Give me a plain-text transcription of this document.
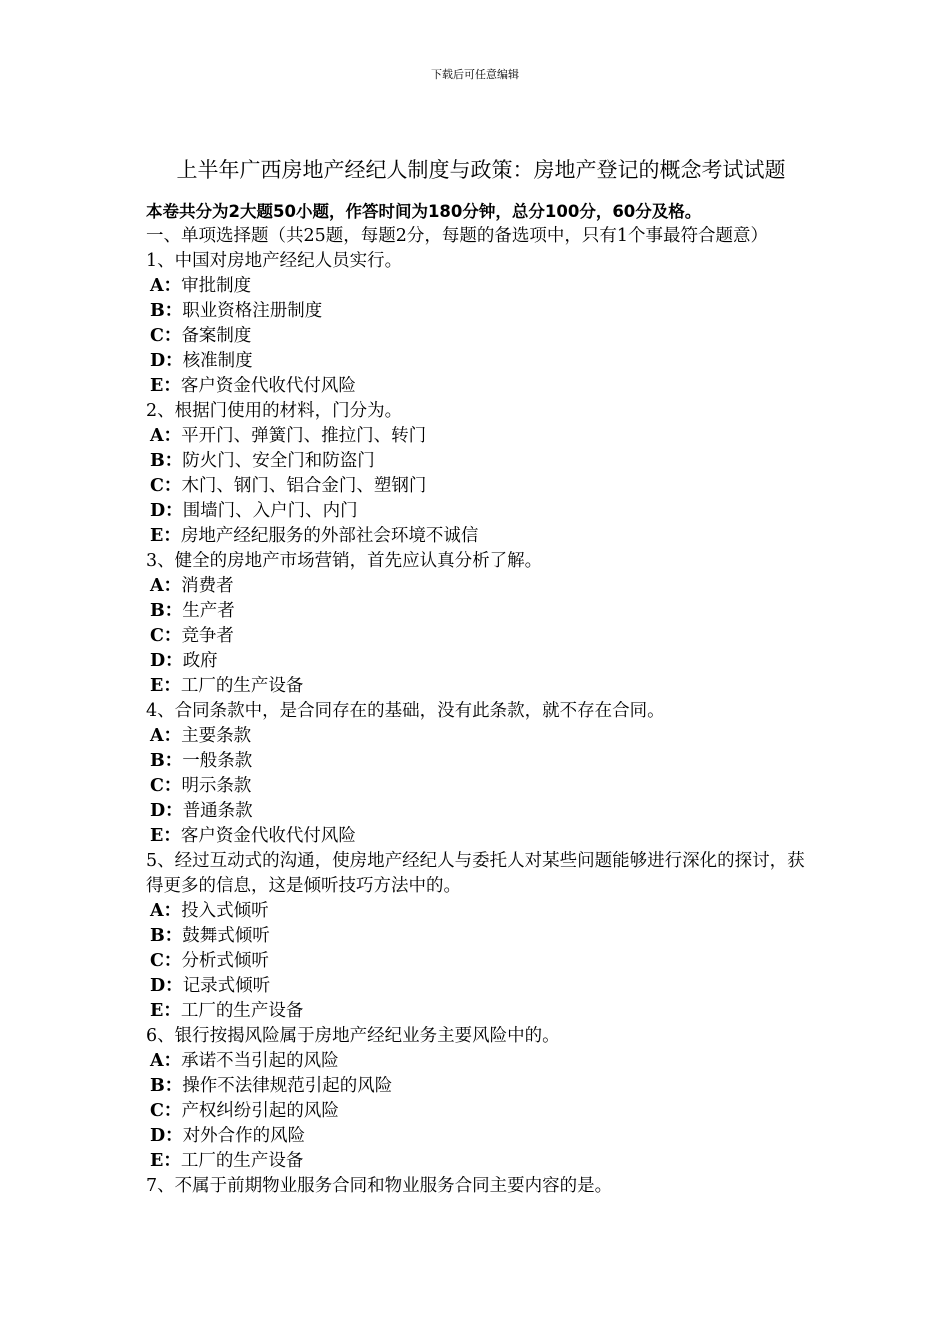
下载后可任意编辑
上半年广西房地产经纪人制度与政策：房地产登记的概念考试试题
本卷共分为2大题50小题，作答时间为180分钟，总分100分，60分及格。
一、单项选择题（共25题，每题2分，每题的备选项中，只有1个事最符合题意）
1、中国对房地产经纪人员实行。
A：审批制度
B：职业资格注册制度
C：备案制度
D：核准制度
E：客户资金代收代付风险
2、根据门使用的材料，门分为。
A：平开门、弹簧门、推拉门、转门
B：防火门、安全门和防盗门
C：木门、钢门、铝合金门、塑钢门
D：围墙门、入户门、内门
E：房地产经纪服务的外部社会环境不诚信
3、健全的房地产市场营销，首先应认真分析了解。
A：消费者
B：生产者
C：竞争者
D：政府
E：工厂的生产设备
4、合同条款中，是合同存在的基础，没有此条款，就不存在合同。
A：主要条款
B：一般条款
C：明示条款
D：普通条款
E：客户资金代收代付风险
5、经过互动式的沟通，使房地产经纪人与委托人对某些问题能够进行深化的探讨，获得更多的信息，这是倾听技巧方法中的。
A：投入式倾听
B：鼓舞式倾听
C：分析式倾听
D：记录式倾听
E：工厂的生产设备
6、银行按揭风险属于房地产经纪业务主要风险中的。
A：承诺不当引起的风险
B：操作不法律规范引起的风险
C：产权纠纷引起的风险
D：对外合作的风险
E：工厂的生产设备
7、不属于前期物业服务合同和物业服务合同主要内容的是。
